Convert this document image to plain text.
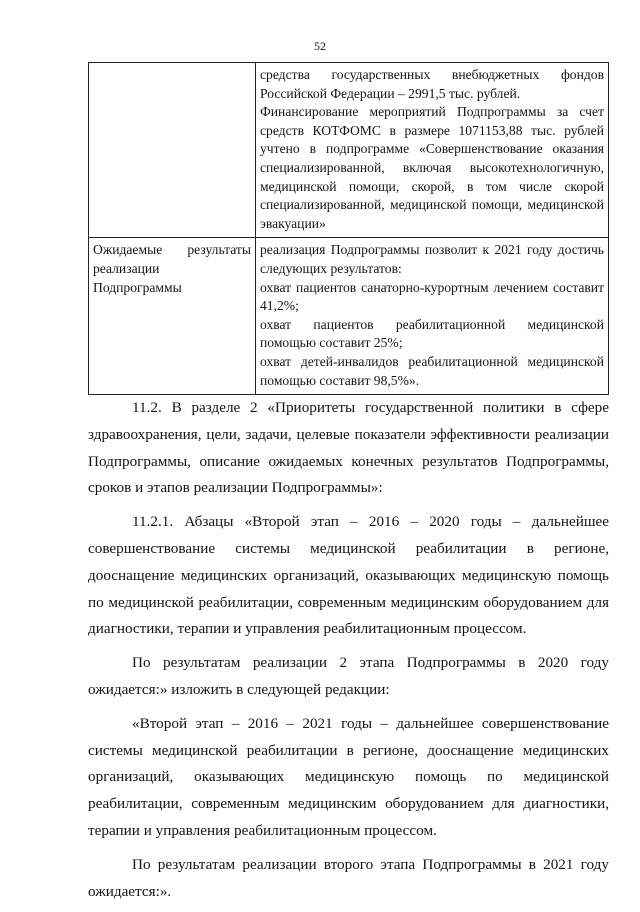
52

	средства государственных внебюджетных фондов Российской Федерации – 2991,5 тыс. рублей.
Финансирование мероприятий Подпрограммы за счет средств КОТФОМС в размере 1071153,88 тыс. рублей учтено в подпрограмме «Совершенствование оказания специализированной, включая высокотехнологичную, медицинской помощи, скорой, в том числе скорой специализированной, медицинской помощи, медицинской эвакуации»

Ожидаемые результаты реализации Подпрограммы	реализация Подпрограммы позволит к 2021 году достичь следующих результатов:
охват пациентов санаторно-курортным лечением составит 41,2%;
охват пациентов реабилитационной медицинской помощью составит 25%;
охват детей-инвалидов реабилитационной медицинской помощью составит 98,5%».

11.2. В разделе 2 «Приоритеты государственной политики в сфере здравоохранения, цели, задачи, целевые показатели эффективности реализации Подпрограммы, описание ожидаемых конечных результатов Подпрограммы, сроков и этапов реализации Подпрограммы»:

11.2.1. Абзацы «Второй этап – 2016 – 2020 годы – дальнейшее совершенствование системы медицинской реабилитации в регионе, дооснащение медицинских организаций, оказывающих медицинскую помощь по медицинской реабилитации, современным медицинским оборудованием для диагностики, терапии и управления реабилитационным процессом.

По результатам реализации 2 этапа Подпрограммы в 2020 году ожидается:» изложить в следующей редакции:

«Второй этап – 2016 – 2021 годы – дальнейшее совершенствование системы медицинской реабилитации в регионе, дооснащение медицинских организаций, оказывающих медицинскую помощь по медицинской реабилитации, современным медицинским оборудованием для диагностики, терапии и управления реабилитационным процессом.

По результатам реализации второго этапа Подпрограммы в 2021 году ожидается:».
